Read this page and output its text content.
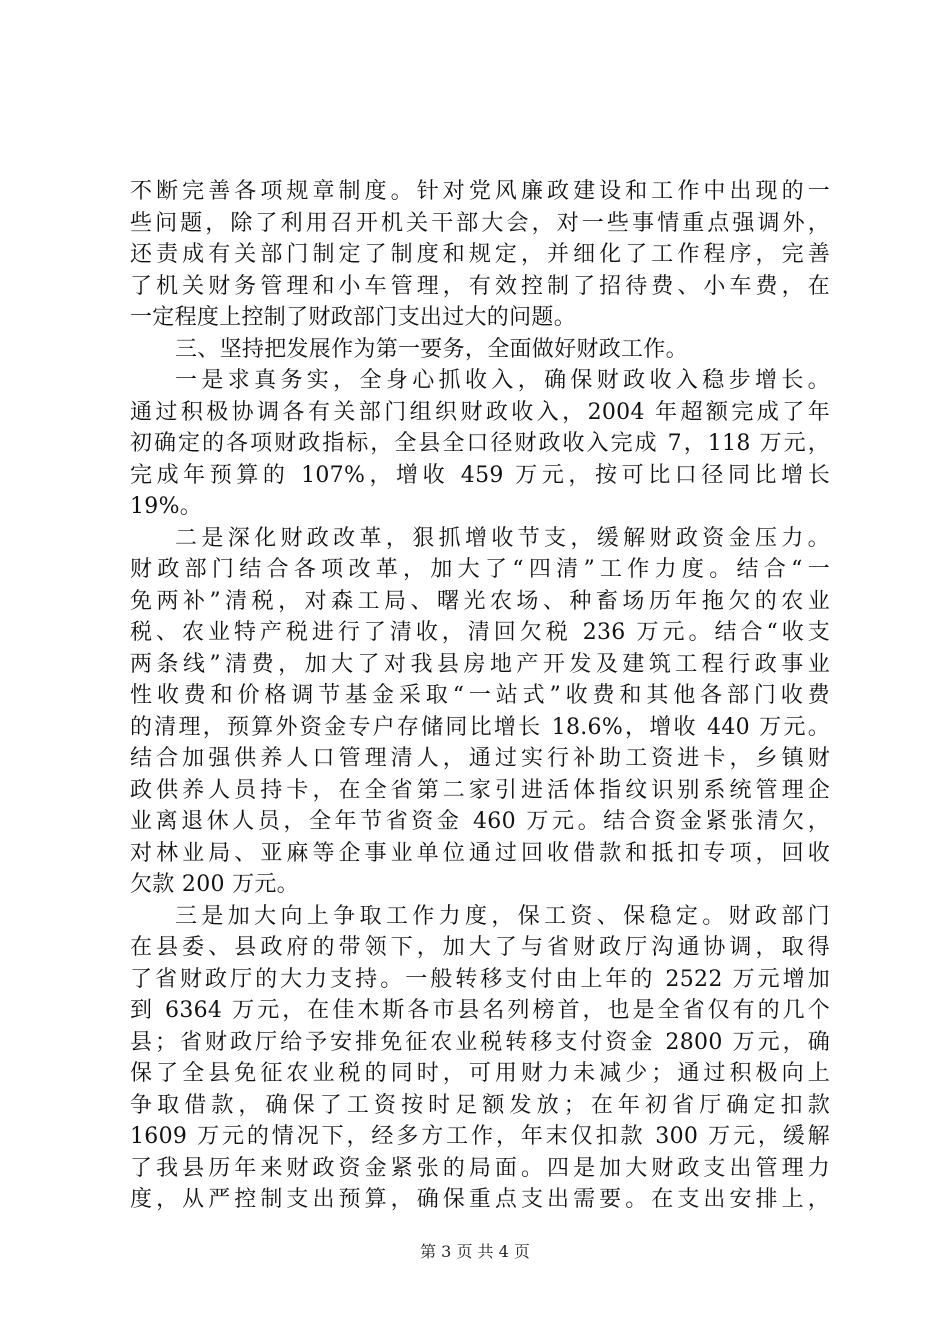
不断完善各项规章制度。针对党风廉政建设和工作中出现的一
些问题，除了利用召开机关干部大会，对一些事情重点强调外，
还责成有关部门制定了制度和规定，并细化了工作程序，完善
了机关财务管理和小车管理，有效控制了招待费、小车费，在
一定程度上控制了财政部门支出过大的问题。
三、坚持把发展作为第一要务，全面做好财政工作。
一是求真务实，全身心抓收入，确保财政收入稳步增长。
通过积极协调各有关部门组织财政收入，2004 年超额完成了年
初确定的各项财政指标，全县全口径财政收入完成 7，118 万元，
完成年预算的 107%，增收 459 万元，按可比口径同比增长
19%。
二是深化财政改革，狠抓增收节支，缓解财政资金压力。
财政部门结合各项改革，加大了“四清”工作力度。结合“一
免两补”清税，对森工局、曙光农场、种畜场历年拖欠的农业
税、农业特产税进行了清收，清回欠税 236 万元。结合“收支
两条线”清费，加大了对我县房地产开发及建筑工程行政事业
性收费和价格调节基金采取“一站式”收费和其他各部门收费
的清理，预算外资金专户存储同比增长 18.6%，增收 440 万元。
结合加强供养人口管理清人，通过实行补助工资进卡，乡镇财
政供养人员持卡，在全省第二家引进活体指纹识别系统管理企
业离退休人员，全年节省资金 460 万元。结合资金紧张清欠，
对林业局、亚麻等企事业单位通过回收借款和抵扣专项，回收
欠款 200 万元。
三是加大向上争取工作力度，保工资、保稳定。财政部门
在县委、县政府的带领下，加大了与省财政厅沟通协调，取得
了省财政厅的大力支持。一般转移支付由上年的 2522 万元增加
到 6364 万元，在佳木斯各市县名列榜首，也是全省仅有的几个
县；省财政厅给予安排免征农业税转移支付资金 2800 万元，确
保了全县免征农业税的同时，可用财力未减少；通过积极向上
争取借款，确保了工资按时足额发放；在年初省厅确定扣款
1609 万元的情况下，经多方工作，年末仅扣款 300 万元，缓解
了我县历年来财政资金紧张的局面。四是加大财政支出管理力
度，从严控制支出预算，确保重点支出需要。在支出安排上，
第 3 页 共 4 页
